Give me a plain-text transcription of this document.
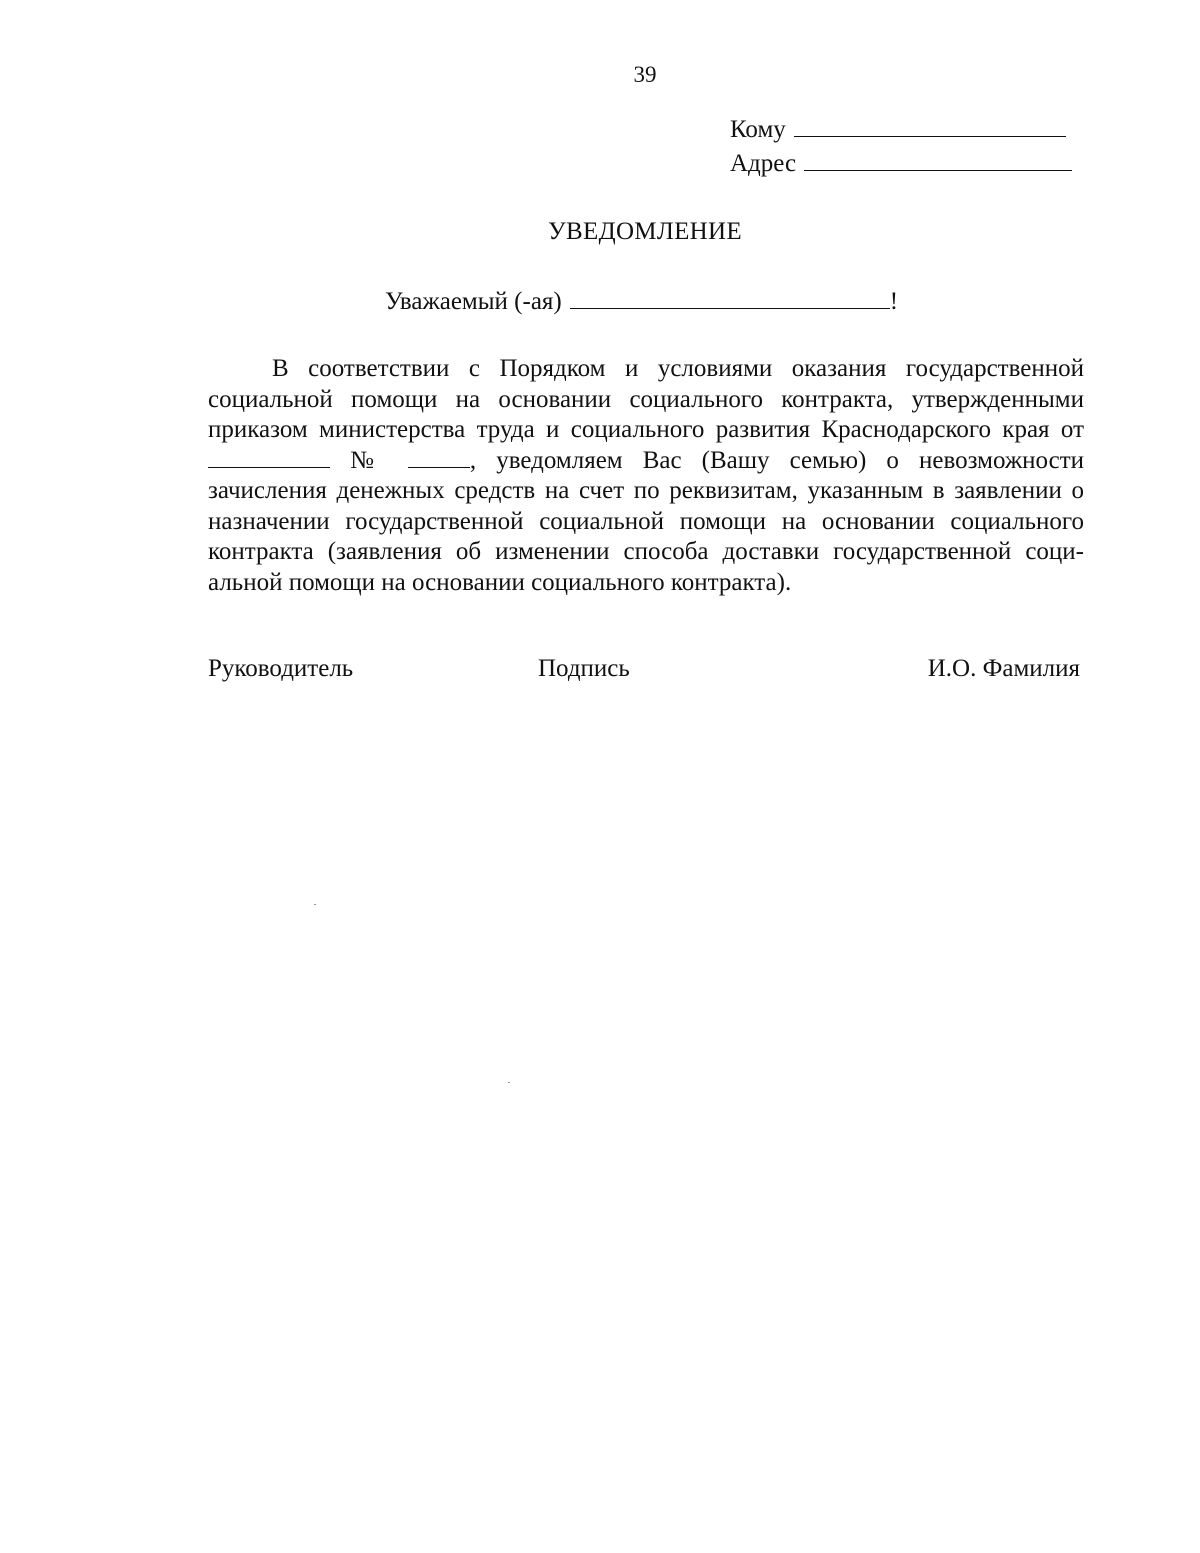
39
Кому
Адрес
УВЕДОМЛЕНИЕ
Уважаемый (-ая)	!
В соответствии с Порядком и условиями оказания государственной социальной помощи на основании социального контракта, утвержденными приказом министерства труда и социального развития Краснодарского края от  №	, уведомляем Вас (Вашу семью) о невозможности зачисления денежных средств на счет по реквизитам, указанным в заявлении о назначении государственной социальной помощи на основании социального контракта (заявления об изменении способа доставки государственной социальной помощи на основании социального контракта).
Руководитель	Подпись	И.О. Фамилия
